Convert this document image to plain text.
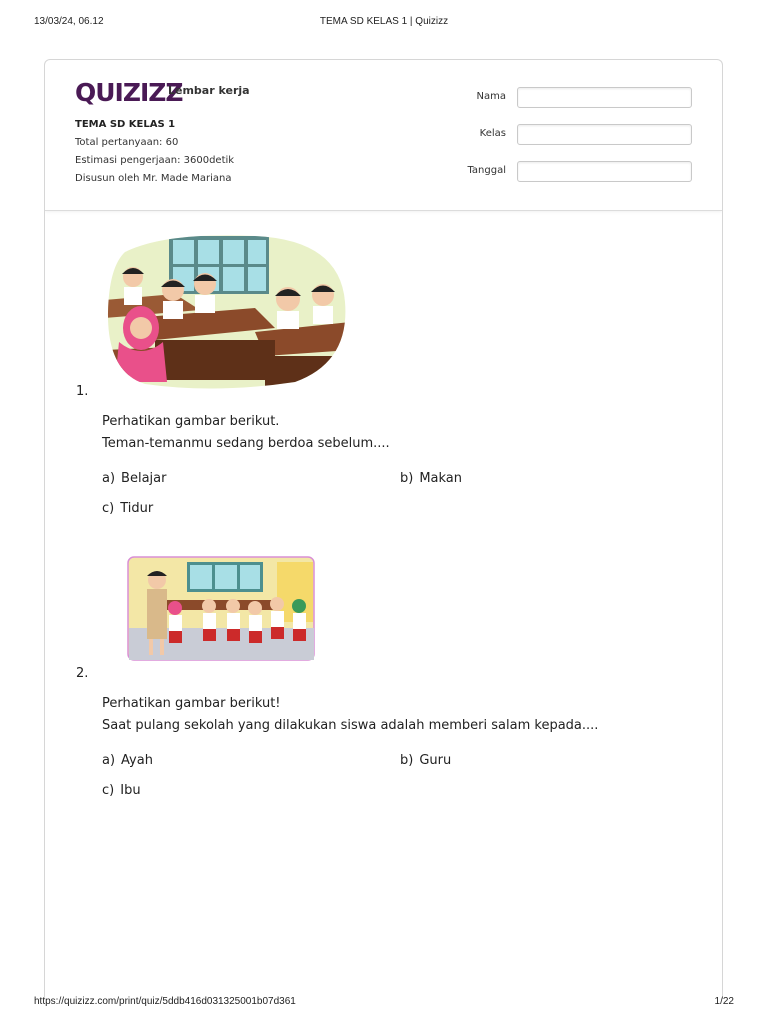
13/03/24, 06.12	TEMA SD KELAS 1 | Quizizz
QUIZIZZ
Lembar kerja
TEMA SD KELAS 1
Total pertanyaan: 60
Estimasi pengerjaan: 3600detik
Disusun oleh Mr. Made Mariana
Nama
Kelas
Tanggal
1.
Perhatikan gambar berikut.
Teman-temanmu sedang berdoa sebelum....
a) Belajar	b) Makan
c) Tidur
2.
Perhatikan gambar berikut!
Saat pulang sekolah yang dilakukan siswa adalah memberi salam kepada....
a) Ayah	b) Guru
c) Ibu
https://quizizz.com/print/quiz/5ddb416d031325001b07d361	1/22
